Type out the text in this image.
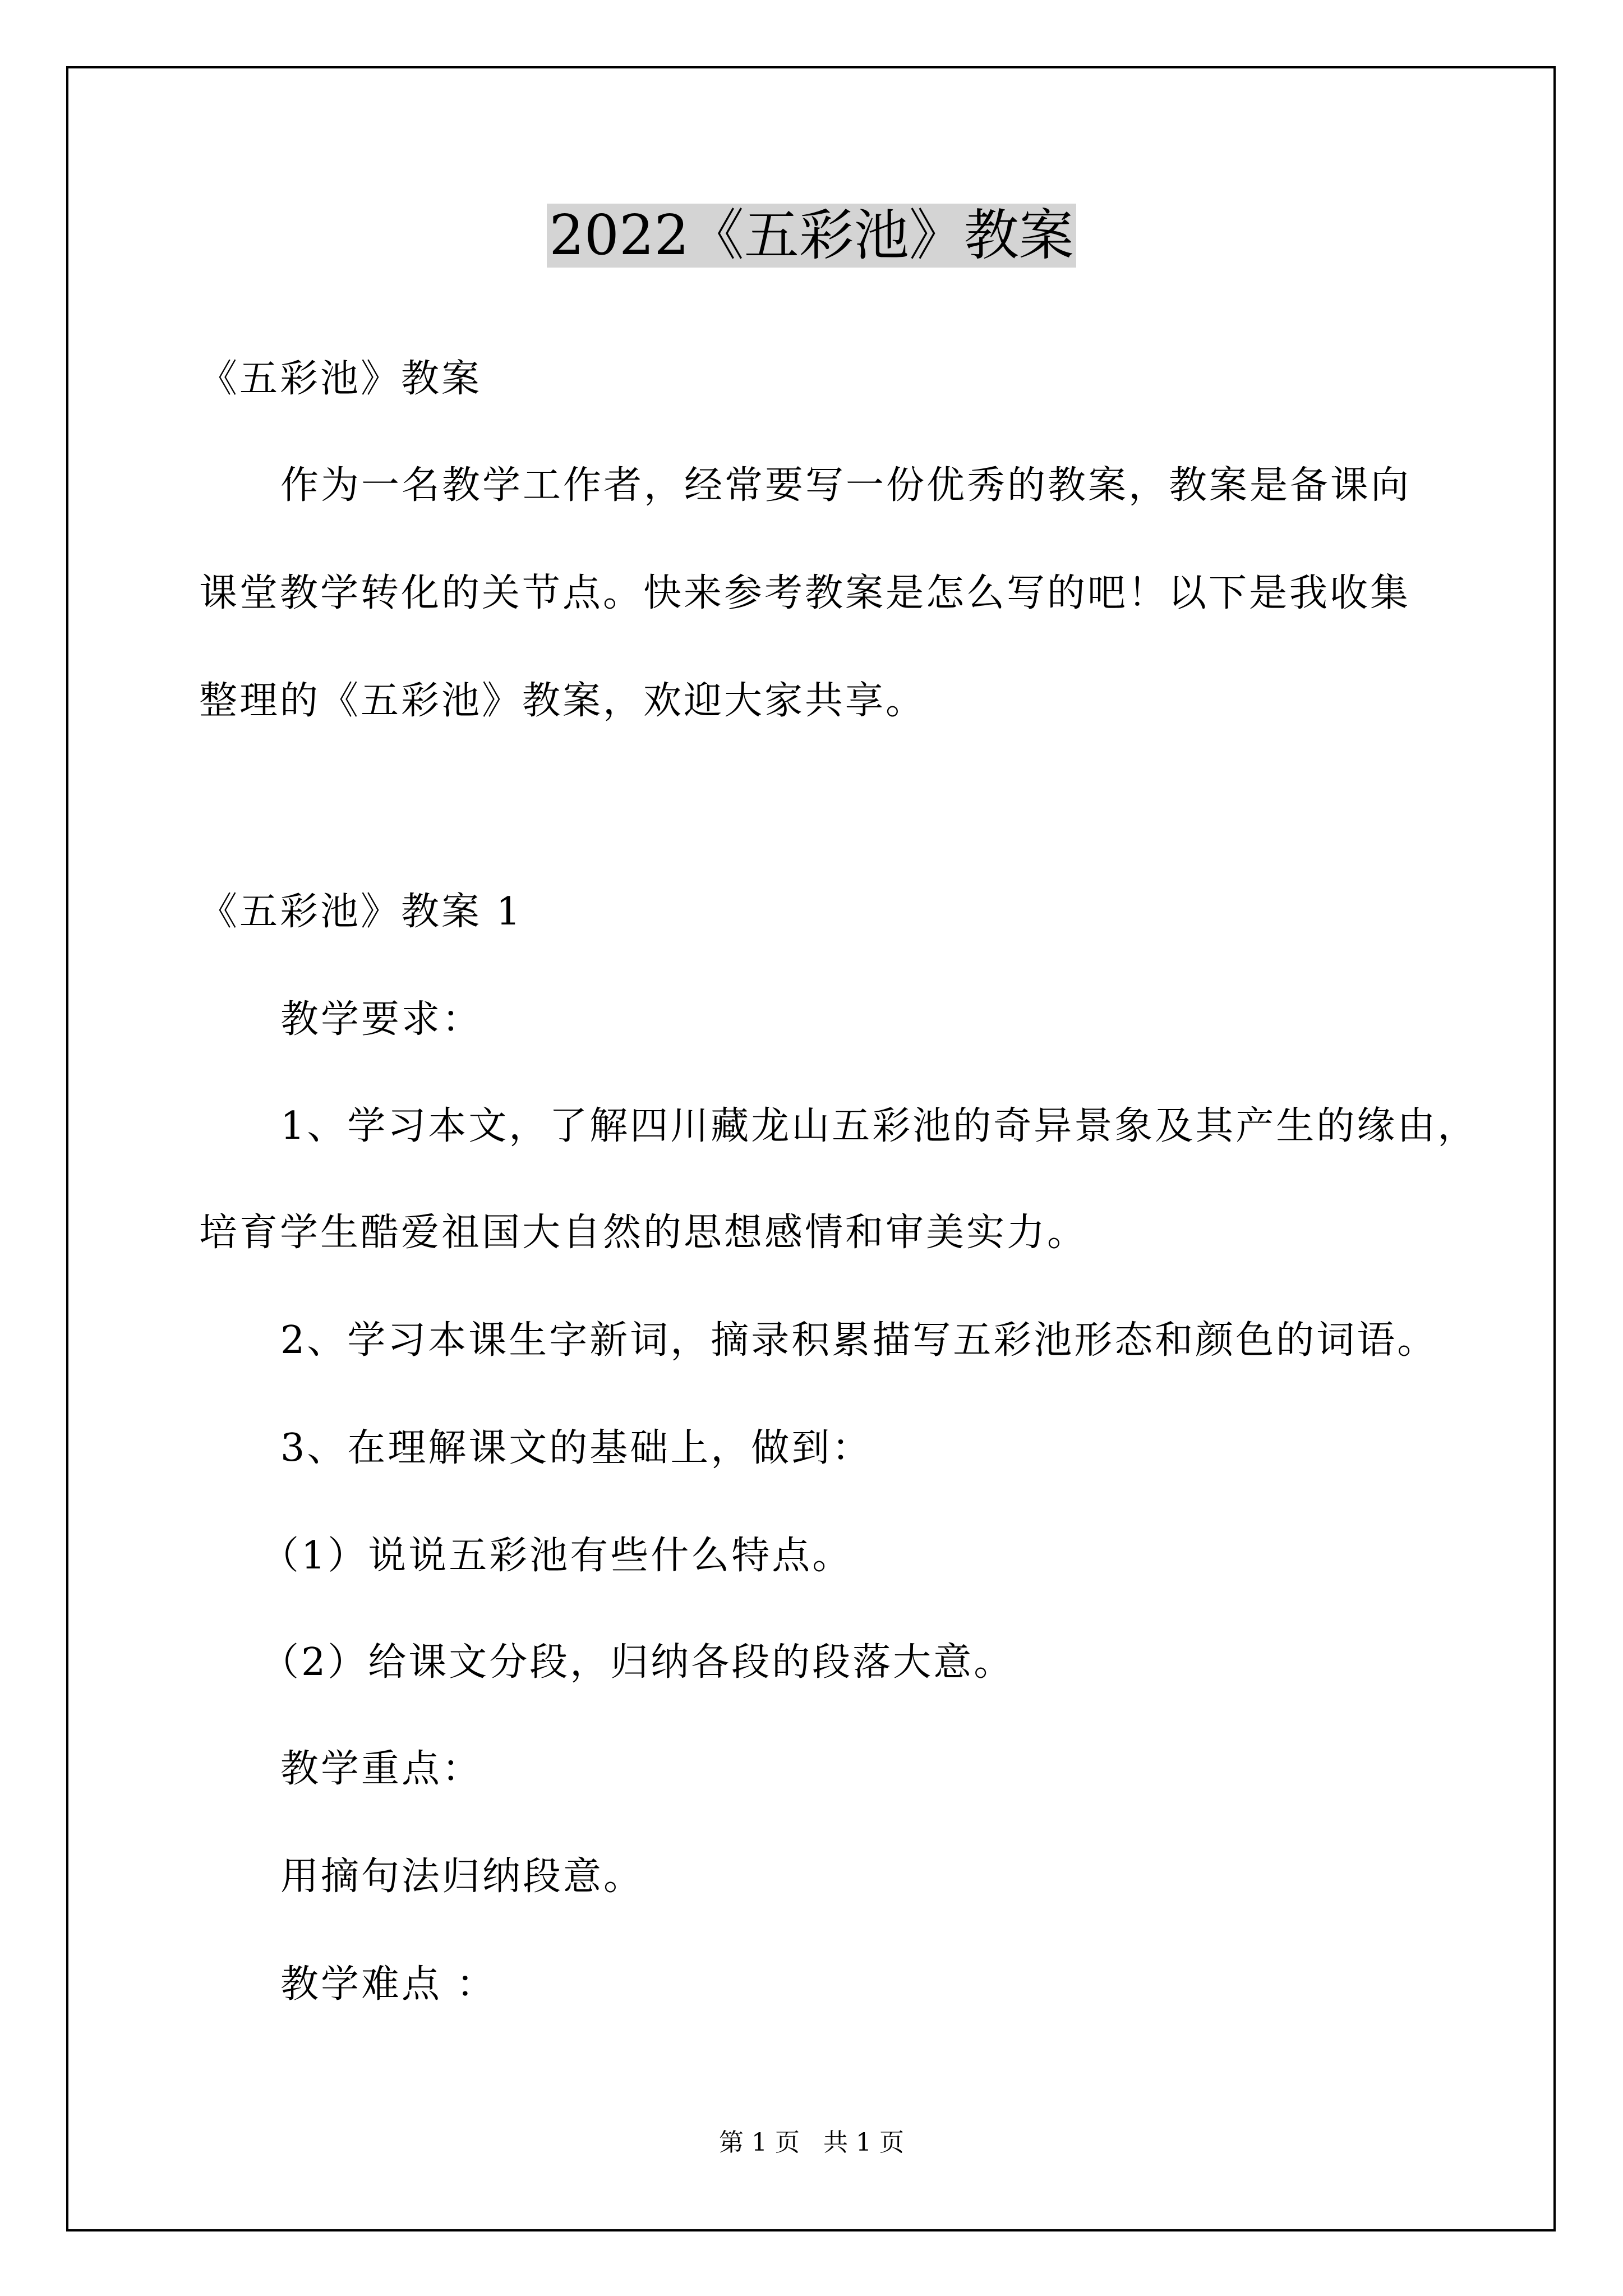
2022《五彩池》教案
《五彩池》教案
作为一名教学工作者，经常要写一份优秀的教案，教案是备课向
课堂教学转化的关节点。快来参考教案是怎么写的吧！以下是我收集
整理的《五彩池》教案，欢迎大家共享。
《五彩池》教案 1
教学要求：
1、学习本文，了解四川藏龙山五彩池的奇异景象及其产生的缘由，
培育学生酷爱祖国大自然的思想感情和审美实力。
2、学习本课生字新词，摘录积累描写五彩池形态和颜色的词语。
3、在理解课文的基础上，做到：
（1）说说五彩池有些什么特点。
（2）给课文分段，归纳各段的段落大意。
教学重点：
用摘句法归纳段意。
教学难点 ：
第 1 页   共 1 页
